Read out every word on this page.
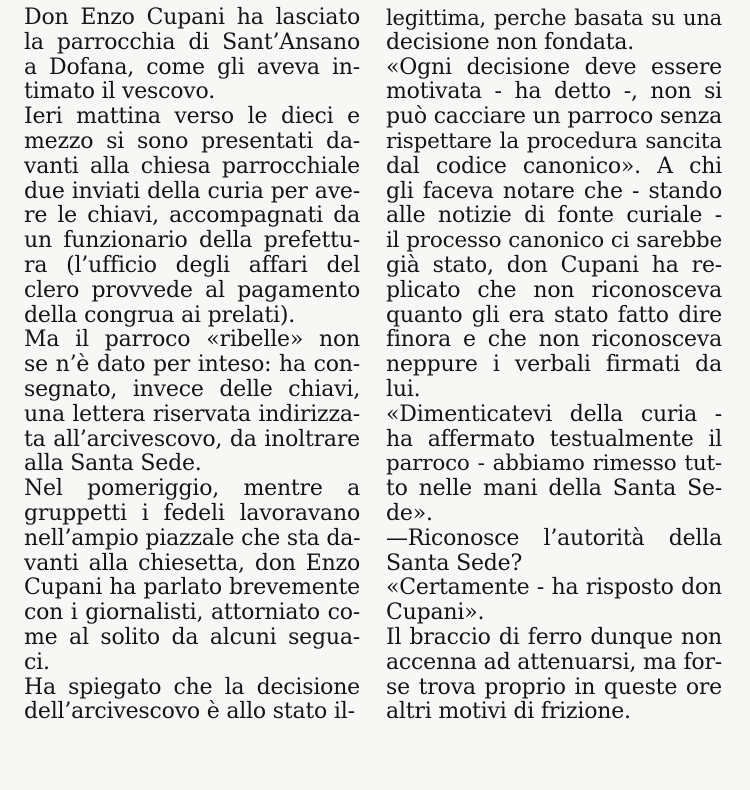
Don Enzo Cupani ha lasciato
la parrocchia di Sant’Ansano
a Dofana, come gli aveva in-
timato il vescovo.
Ieri mattina verso le dieci e
mezzo si sono presentati da-
vanti alla chiesa parrocchiale
due inviati della curia per ave-
re le chiavi, accompagnati da
un funzionario della prefettu-
ra (l’ufficio degli affari del
clero provvede al pagamento
della congrua ai prelati).
Ma il parroco «ribelle» non
se n’è dato per inteso: ha con-
segnato, invece delle chiavi,
una lettera riservata indirizza-
ta all’arcivescovo, da inoltrare
alla Santa Sede.
Nel pomeriggio, mentre a
gruppetti i fedeli lavoravano
nell’ampio piazzale che sta da-
vanti alla chiesetta, don Enzo
Cupani ha parlato brevemente
con i giornalisti, attorniato co-
me al solito da alcuni segua-
ci.
Ha spiegato che la decisione
dell’arcivescovo è allo stato il-
legittima, perche basata su una
decisione non fondata.
«Ogni decisione deve essere
motivata - ha detto -, non si
può cacciare un parroco senza
rispettare la procedura sancita
dal codice canonico». A chi
gli faceva notare che - stando
alle notizie di fonte curiale -
il processo canonico ci sarebbe
già stato, don Cupani ha re-
plicato che non riconosceva
quanto gli era stato fatto dire
finora e che non riconosceva
neppure i verbali firmati da
lui.
«Dimenticatevi della curia -
ha affermato testualmente il
parroco - abbiamo rimesso tut-
to nelle mani della Santa Se-
de».
—Riconosce l’autorità della
Santa Sede?
«Certamente - ha risposto don
Cupani».
Il braccio di ferro dunque non
accenna ad attenuarsi, ma for-
se trova proprio in queste ore
altri motivi di frizione.
